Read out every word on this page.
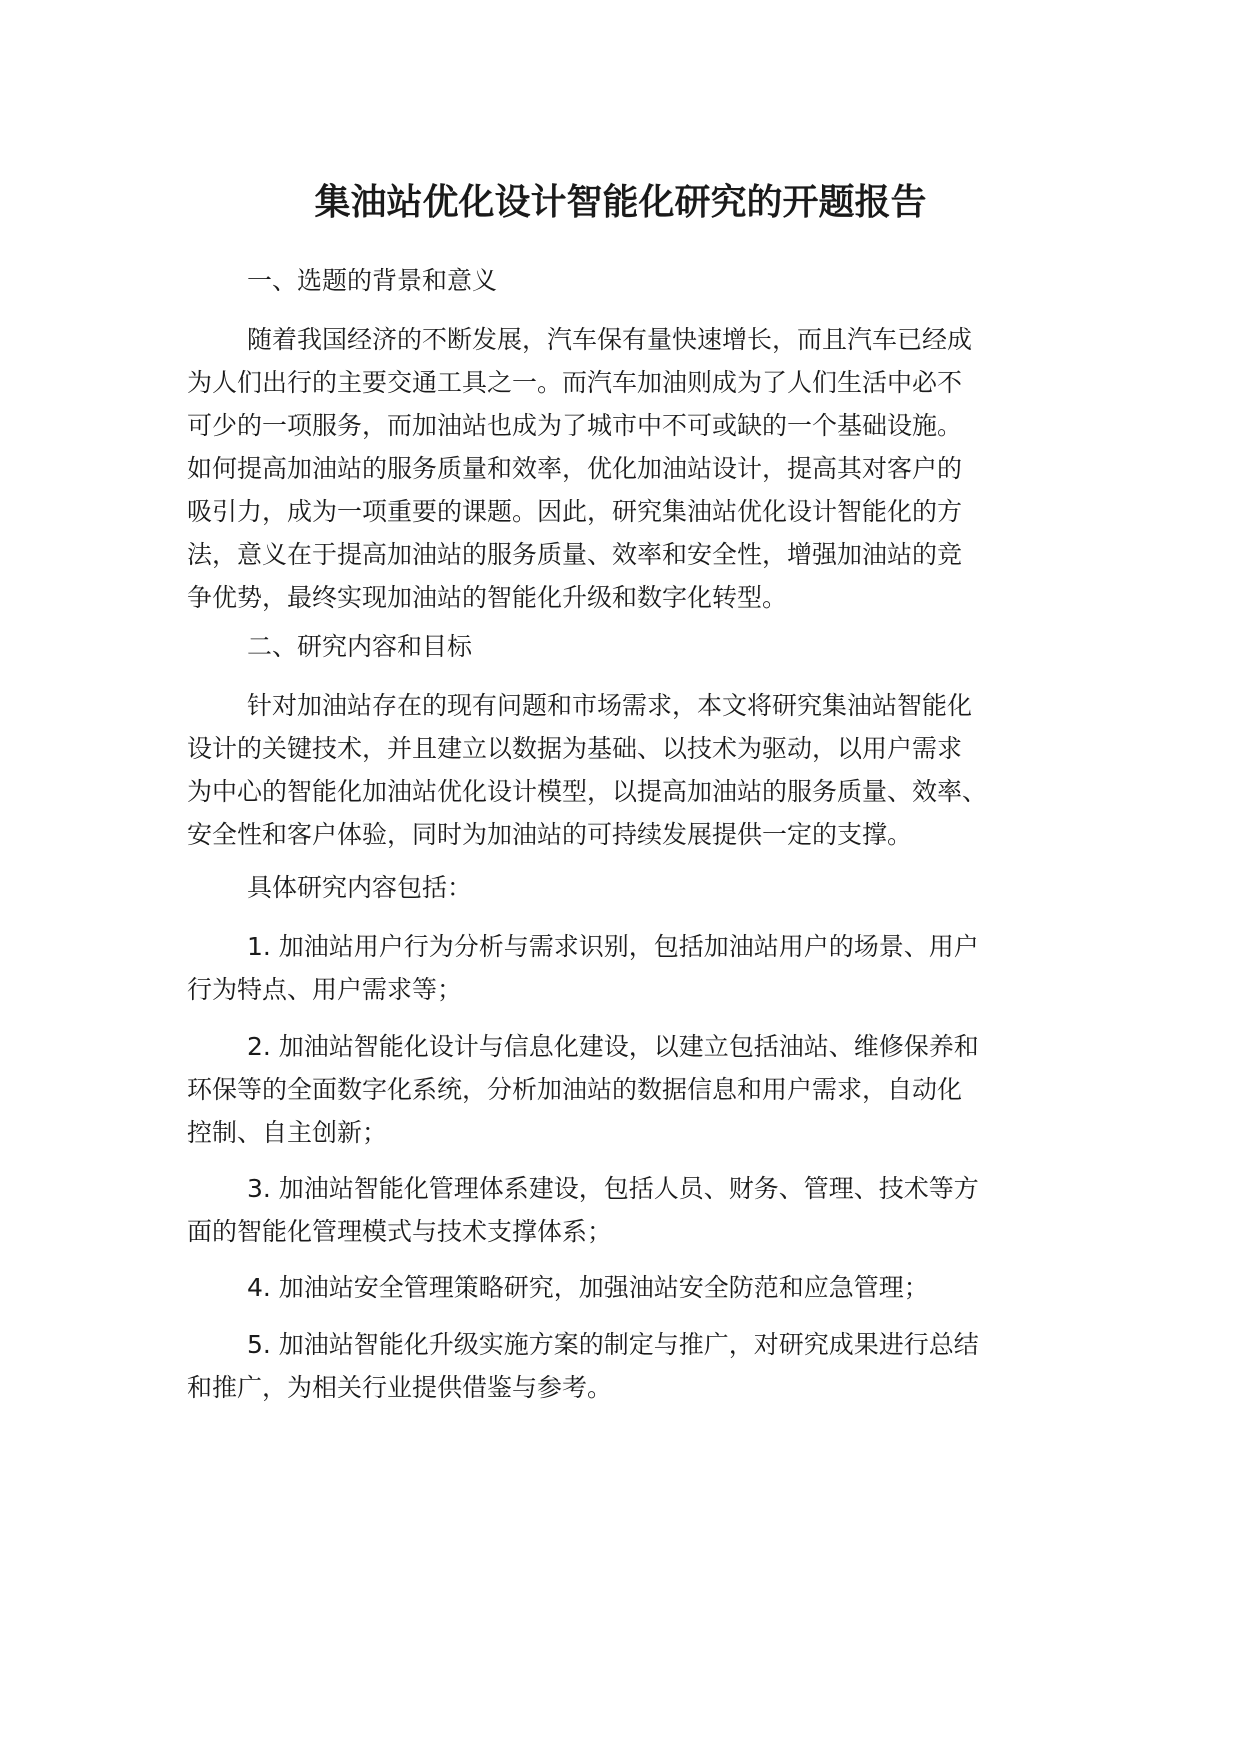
集油站优化设计智能化研究的开题报告
一、选题的背景和意义
随着我国经济的不断发展，汽车保有量快速增长，而且汽车已经成
为人们出行的主要交通工具之一。而汽车加油则成为了人们生活中必不
可少的一项服务，而加油站也成为了城市中不可或缺的一个基础设施。
如何提高加油站的服务质量和效率，优化加油站设计，提高其对客户的
吸引力，成为一项重要的课题。因此，研究集油站优化设计智能化的方
法，意义在于提高加油站的服务质量、效率和安全性，增强加油站的竞
争优势，最终实现加油站的智能化升级和数字化转型。
二、研究内容和目标
针对加油站存在的现有问题和市场需求，本文将研究集油站智能化
设计的关键技术，并且建立以数据为基础、以技术为驱动，以用户需求
为中心的智能化加油站优化设计模型，以提高加油站的服务质量、效率、
安全性和客户体验，同时为加油站的可持续发展提供一定的支撑。
具体研究内容包括：
1. 加油站用户行为分析与需求识别，包括加油站用户的场景、用户
行为特点、用户需求等；
2. 加油站智能化设计与信息化建设，以建立包括油站、维修保养和
环保等的全面数字化系统，分析加油站的数据信息和用户需求，自动化
控制、自主创新；
3. 加油站智能化管理体系建设，包括人员、财务、管理、技术等方
面的智能化管理模式与技术支撑体系；
4. 加油站安全管理策略研究，加强油站安全防范和应急管理；
5. 加油站智能化升级实施方案的制定与推广，对研究成果进行总结
和推广，为相关行业提供借鉴与参考。
